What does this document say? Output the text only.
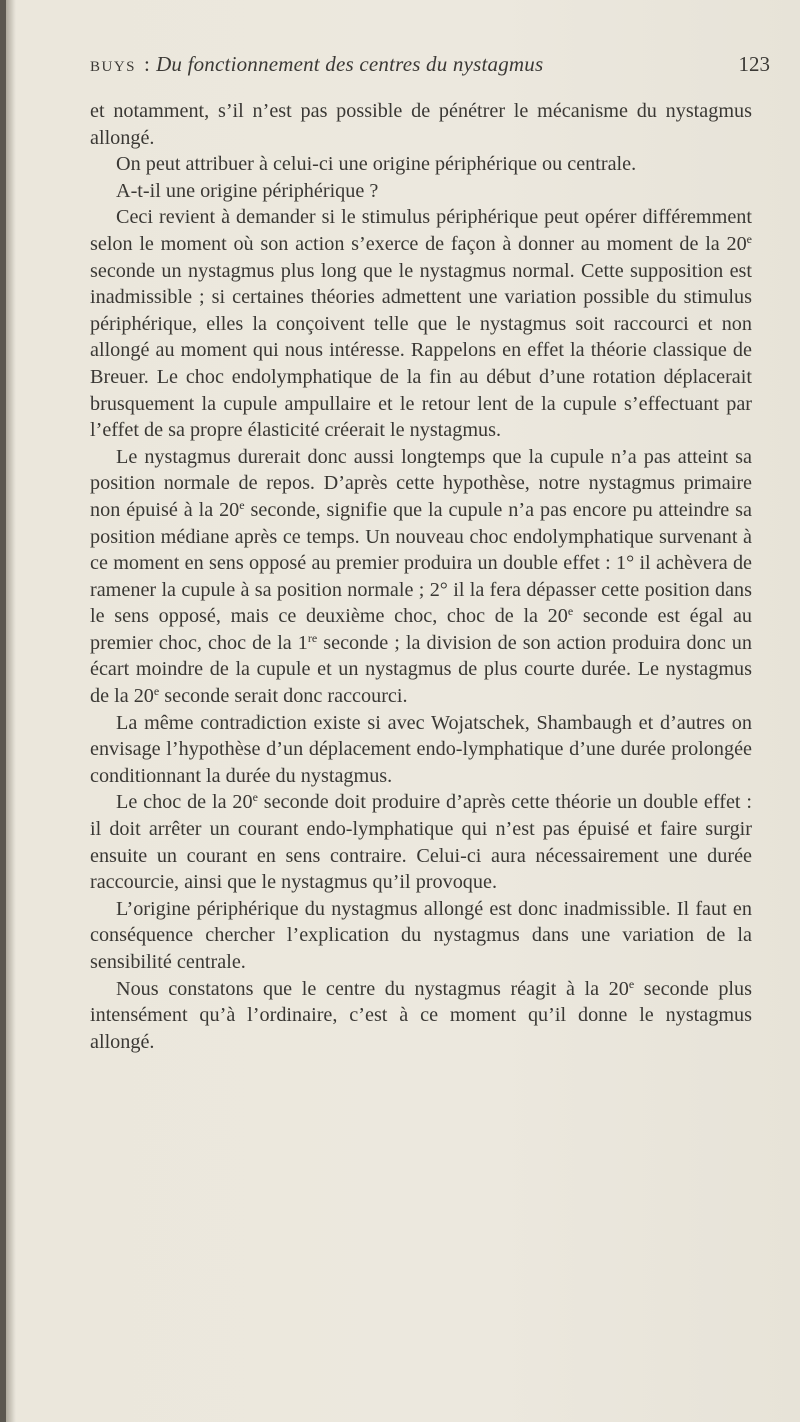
BUYS : Du fonctionnement des centres du nystagmus	123

et notamment, s’il n’est pas possible de pénétrer le mécanisme du nystagmus allongé.

On peut attribuer à celui-ci une origine périphérique ou centrale.

A-t-il une origine périphérique ?

Ceci revient à demander si le stimulus périphérique peut opérer différemment selon le moment où son action s’exerce de façon à donner au moment de la 20e seconde un nystagmus plus long que le nystagmus normal. Cette supposition est inadmissible ; si certaines théories admettent une variation possible du stimulus périphérique, elles la conçoivent telle que le nystagmus soit raccourci et non allongé au moment qui nous intéresse. Rappelons en effet la théorie classique de Breuer. Le choc endolymphatique de la fin au début d’une rotation déplacerait brusquement la cupule ampullaire et le retour lent de la cupule s’effectuant par l’effet de sa propre élasticité créerait le nystagmus.

Le nystagmus durerait donc aussi longtemps que la cupule n’a pas atteint sa position normale de repos. D’après cette hypothèse, notre nystagmus primaire non épuisé à la 20e seconde, signifie que la cupule n’a pas encore pu atteindre sa position médiane après ce temps. Un nouveau choc endolymphatique survenant à ce moment en sens opposé au premier produira un double effet : 1° il achèvera de ramener la cupule à sa position normale ; 2° il la fera dépasser cette position dans le sens opposé, mais ce deuxième choc, choc de la 20e seconde est égal au premier choc, choc de la 1re seconde ; la division de son action produira donc un écart moindre de la cupule et un nystagmus de plus courte durée. Le nystagmus de la 20e seconde serait donc raccourci.

La même contradiction existe si avec Wojatschek, Shambaugh et d’autres on envisage l’hypothèse d’un déplacement endo-lymphatique d’une durée prolongée conditionnant la durée du nystagmus.

Le choc de la 20e seconde doit produire d’après cette théorie un double effet : il doit arrêter un courant endo-lymphatique qui n’est pas épuisé et faire surgir ensuite un courant en sens contraire. Celui-ci aura nécessairement une durée raccourcie, ainsi que le nystagmus qu’il provoque.

L’origine périphérique du nystagmus allongé est donc inadmissible. Il faut en conséquence chercher l’explication du nystagmus dans une variation de la sensibilité centrale.

Nous constatons que le centre du nystagmus réagit à la 20e seconde plus intensément qu’à l’ordinaire, c’est à ce moment qu’il donne le nystagmus allongé.
